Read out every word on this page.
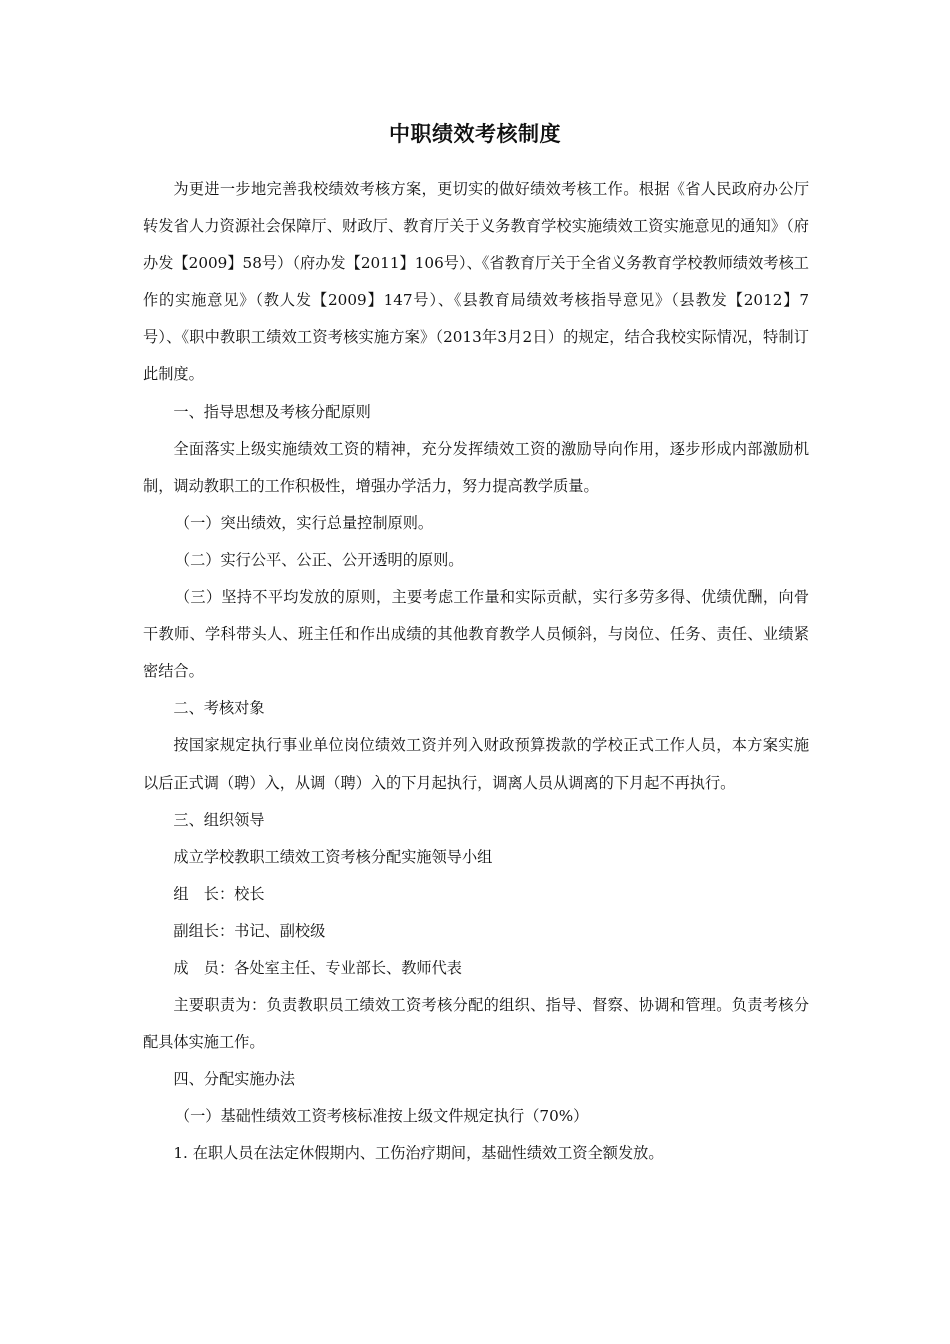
中职绩效考核制度

为更进一步地完善我校绩效考核方案，更切实的做好绩效考核工作。根据《省人民政府办公厅转发省人力资源社会保障厅、财政厅、教育厅关于义务教育学校实施绩效工资实施意见的通知》（府办发【2009】58号）（府办发【2011】106号）、《省教育厅关于全省义务教育学校教师绩效考核工作的实施意见》（教人发【2009】147号）、《县教育局绩效考核指导意见》（县教发【2012】7号）、《职中教职工绩效工资考核实施方案》（2013年3月2日）的规定，结合我校实际情况，特制订此制度。

一、指导思想及考核分配原则

全面落实上级实施绩效工资的精神，充分发挥绩效工资的激励导向作用，逐步形成内部激励机制，调动教职工的工作积极性，增强办学活力，努力提高教学质量。

（一）突出绩效，实行总量控制原则。

（二）实行公平、公正、公开透明的原则。

（三）坚持不平均发放的原则，主要考虑工作量和实际贡献，实行多劳多得、优绩优酬，向骨干教师、学科带头人、班主任和作出成绩的其他教育教学人员倾斜，与岗位、任务、责任、业绩紧密结合。

二、考核对象

按国家规定执行事业单位岗位绩效工资并列入财政预算拨款的学校正式工作人员，本方案实施以后正式调（聘）入，从调（聘）入的下月起执行，调离人员从调离的下月起不再执行。

三、组织领导

成立学校教职工绩效工资考核分配实施领导小组

组　长：校长

副组长：书记、副校级

成　员：各处室主任、专业部长、教师代表

主要职责为：负责教职员工绩效工资考核分配的组织、指导、督察、协调和管理。负责考核分配具体实施工作。

四、分配实施办法

（一）基础性绩效工资考核标准按上级文件规定执行（70%）

1. 在职人员在法定休假期内、工伤治疗期间，基础性绩效工资全额发放。
